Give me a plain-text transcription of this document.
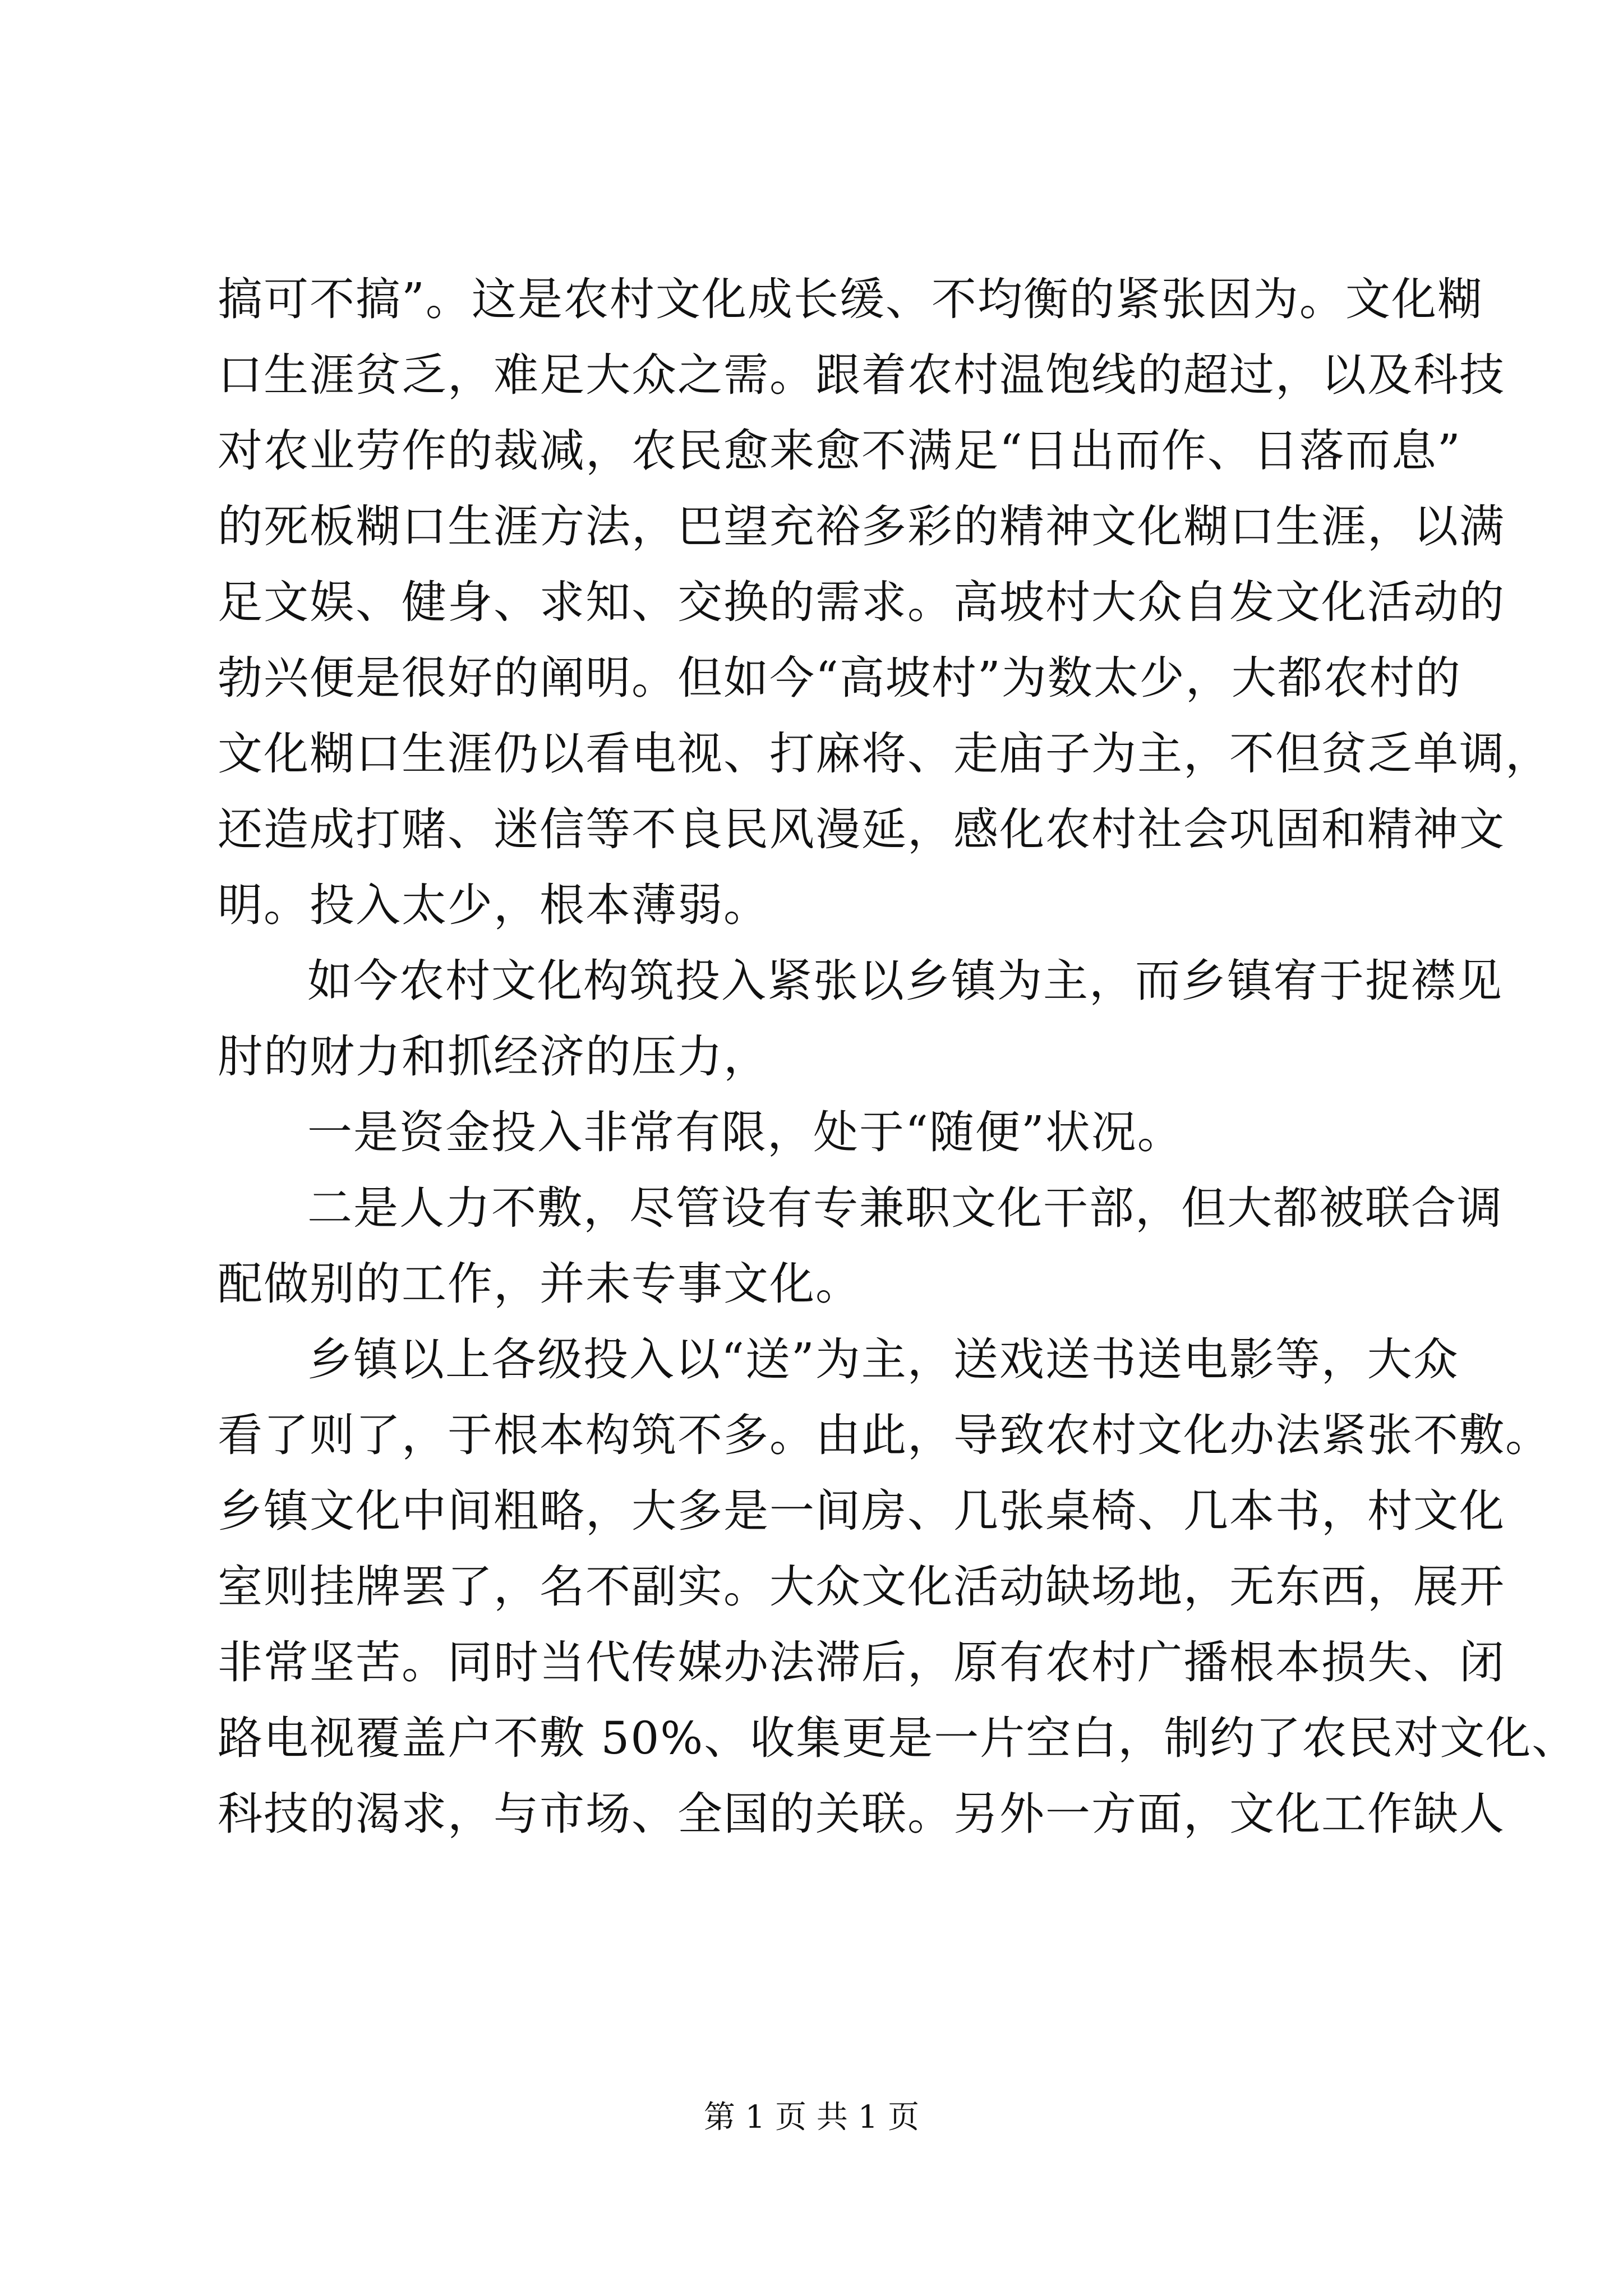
搞可不搞”。这是农村文化成长缓、不均衡的紧张因为。文化糊
口生涯贫乏，难足大众之需。跟着农村温饱线的超过，以及科技
对农业劳作的裁减，农民愈来愈不满足“日出而作、日落而息”
的死板糊口生涯方法，巴望充裕多彩的精神文化糊口生涯，以满
足文娱、健身、求知、交换的需求。高坡村大众自发文化活动的
勃兴便是很好的阐明。但如今“高坡村”为数太少，大都农村的
文化糊口生涯仍以看电视、打麻将、走庙子为主，不但贫乏单调，
还造成打赌、迷信等不良民风漫延，感化农村社会巩固和精神文
明。投入太少，根本薄弱。
如今农村文化构筑投入紧张以乡镇为主，而乡镇宥于捉襟见
肘的财力和抓经济的压力，
一是资金投入非常有限，处于“随便”状况。
二是人力不敷，尽管设有专兼职文化干部，但大都被联合调
配做别的工作，并未专事文化。
乡镇以上各级投入以“送”为主，送戏送书送电影等，大众
看了则了，于根本构筑不多。由此，导致农村文化办法紧张不敷。
乡镇文化中间粗略，大多是一间房、几张桌椅、几本书，村文化
室则挂牌罢了，名不副实。大众文化活动缺场地，无东西，展开
非常坚苦。同时当代传媒办法滞后，原有农村广播根本损失、闭
路电视覆盖户不敷 50%、收集更是一片空白，制约了农民对文化、
科技的渴求，与市场、全国的关联。另外一方面，文化工作缺人
第 1 页 共 1 页
